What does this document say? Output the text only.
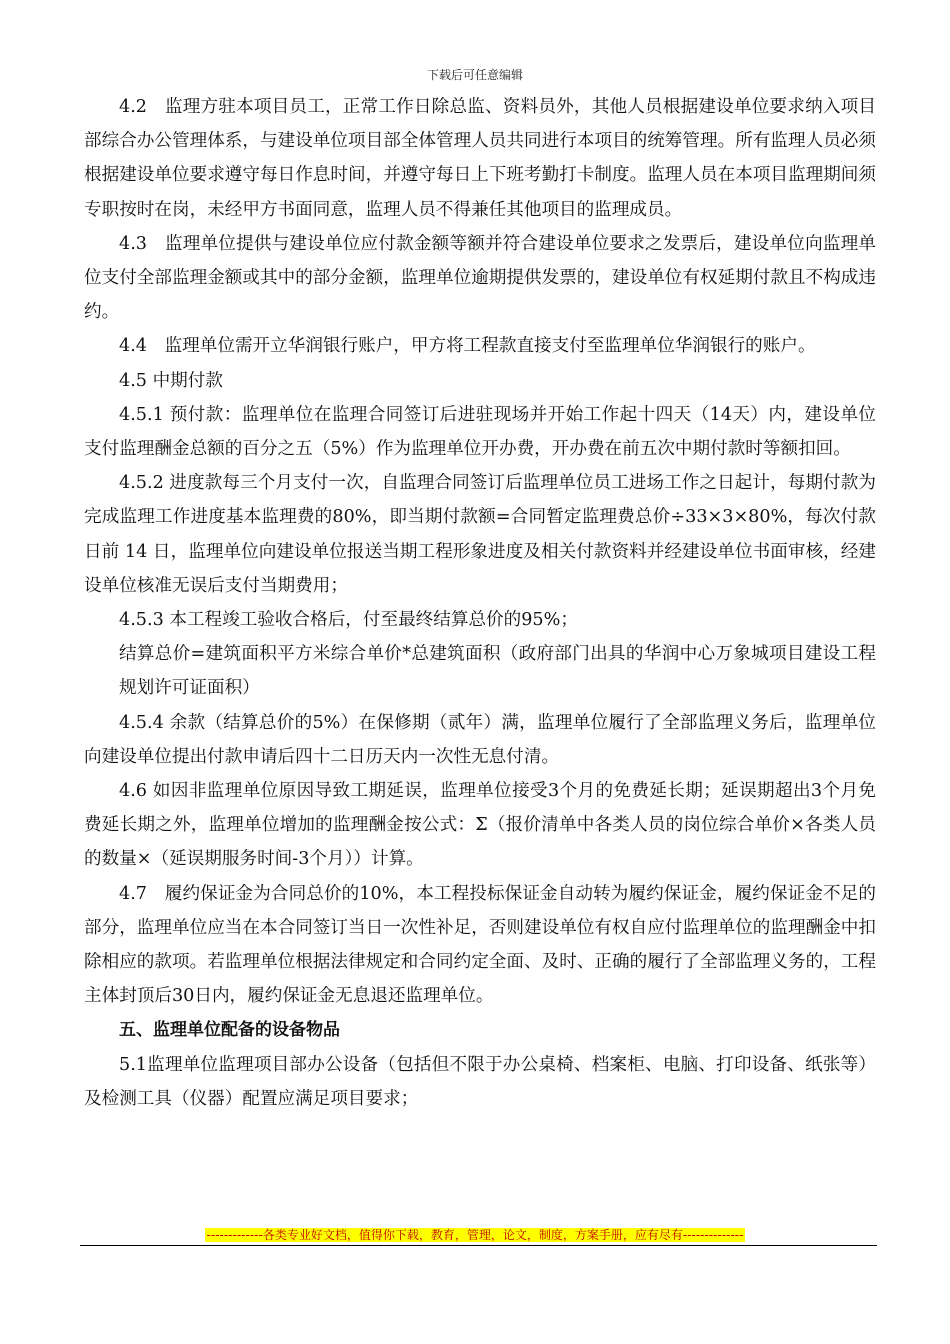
下载后可任意编辑

4.2　监理方驻本项目员工，正常工作日除总监、资料员外，其他人员根据建设单位要求纳入项目部综合办公管理体系，与建设单位项目部全体管理人员共同进行本项目的统筹管理。所有监理人员必须根据建设单位要求遵守每日作息时间，并遵守每日上下班考勤打卡制度。监理人员在本项目监理期间须专职按时在岗，未经甲方书面同意，监理人员不得兼任其他项目的监理成员。

4.3　监理单位提供与建设单位应付款金额等额并符合建设单位要求之发票后，建设单位向监理单位支付全部监理金额或其中的部分金额，监理单位逾期提供发票的，建设单位有权延期付款且不构成违约。

4.4　监理单位需开立华润银行账户，甲方将工程款直接支付至监理单位华润银行的账户。

4.5 中期付款

4.5.1 预付款：监理单位在监理合同签订后进驻现场并开始工作起十四天（14天）内，建设单位支付监理酬金总额的百分之五（5%）作为监理单位开办费，开办费在前五次中期付款时等额扣回。

4.5.2 进度款每三个月支付一次，自监理合同签订后监理单位员工进场工作之日起计，每期付款为完成监理工作进度基本监理费的80%，即当期付款额=合同暂定监理费总价÷33×3×80%，每次付款日前 14 日，监理单位向建设单位报送当期工程形象进度及相关付款资料并经建设单位书面审核，经建设单位核准无误后支付当期费用；

4.5.3 本工程竣工验收合格后，付至最终结算总价的95%；

结算总价=建筑面积平方米综合单价*总建筑面积（政府部门出具的华润中心万象城项目建设工程规划许可证面积）

4.5.4 余款（结算总价的5%）在保修期（贰年）满，监理单位履行了全部监理义务后，监理单位向建设单位提出付款申请后四十二日历天内一次性无息付清。

4.6 如因非监理单位原因导致工期延误，监理单位接受3个月的免费延长期；延误期超出3个月免费延长期之外，监理单位增加的监理酬金按公式：Σ（报价清单中各类人员的岗位综合单价×各类人员的数量×（延误期服务时间-3个月））计算。

4.7　履约保证金为合同总价的10%，本工程投标保证金自动转为履约保证金，履约保证金不足的部分，监理单位应当在本合同签订当日一次性补足，否则建设单位有权自应付监理单位的监理酬金中扣除相应的款项。若监理单位根据法律规定和合同约定全面、及时、正确的履行了全部监理义务的，工程主体封顶后30日内，履约保证金无息退还监理单位。

五、监理单位配备的设备物品

5.1监理单位监理项目部办公设备（包括但不限于办公桌椅、档案柜、电脑、打印设备、纸张等）及检测工具（仪器）配置应满足项目要求；

-------------各类专业好文档，值得你下载，教育，管理，论文，制度，方案手册，应有尽有--------------
